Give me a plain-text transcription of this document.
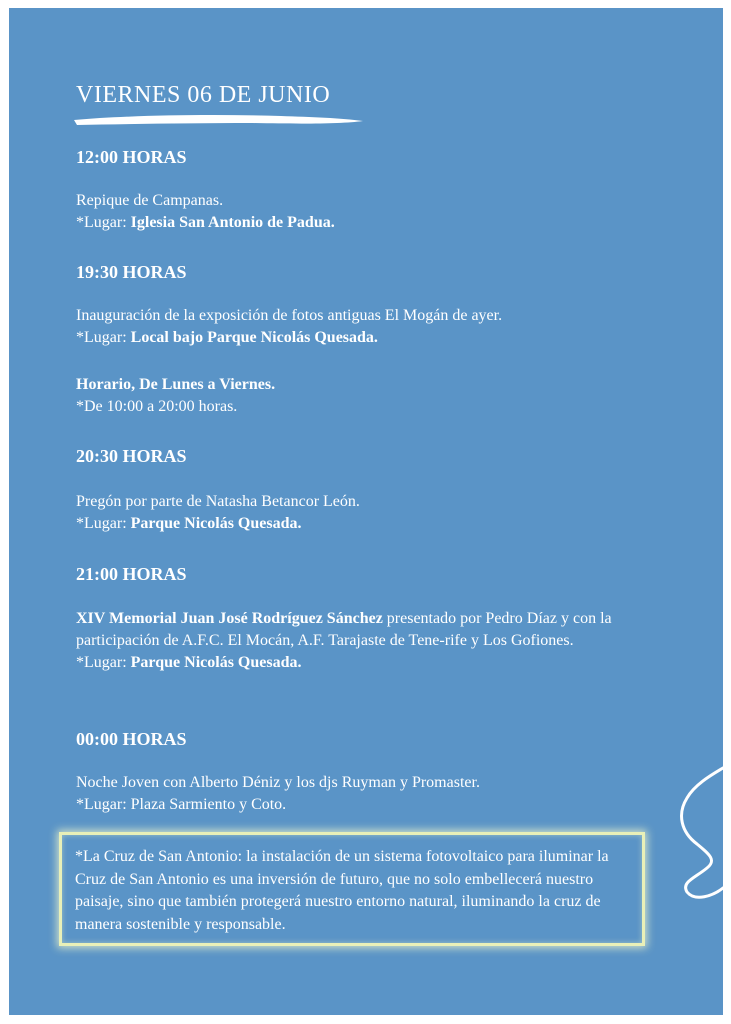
VIERNES 06 DE JUNIO
12:00 HORAS
Repique de Campanas.
*Lugar: Iglesia San Antonio de Padua.
19:30 HORAS
Inauguración de la exposición de fotos antiguas El Mogán de ayer.
*Lugar: Local bajo Parque Nicolás Quesada.
Horario, De Lunes a Viernes.
*De 10:00 a 20:00 horas.
20:30 HORAS
Pregón por parte de Natasha Betancor León.
*Lugar: Parque Nicolás Quesada.
21:00 HORAS
XIV Memorial Juan José Rodríguez Sánchez presentado por Pedro Díaz y con la participación de A.F.C. El Mocán, A.F. Tarajaste de Tene-rife y Los Gofiones.
*Lugar: Parque Nicolás Quesada.
00:00 HORAS
Noche Joven con Alberto Déniz y los djs Ruyman y Promaster.
*Lugar: Plaza Sarmiento y Coto.
*La Cruz de San Antonio: la instalación de un sistema fotovoltaico para iluminar la Cruz de San Antonio es una inversión de futuro, que no solo embellecerá nuestro paisaje, sino que también protegerá nuestro entorno natural, iluminando la cruz de manera sostenible y responsable.
